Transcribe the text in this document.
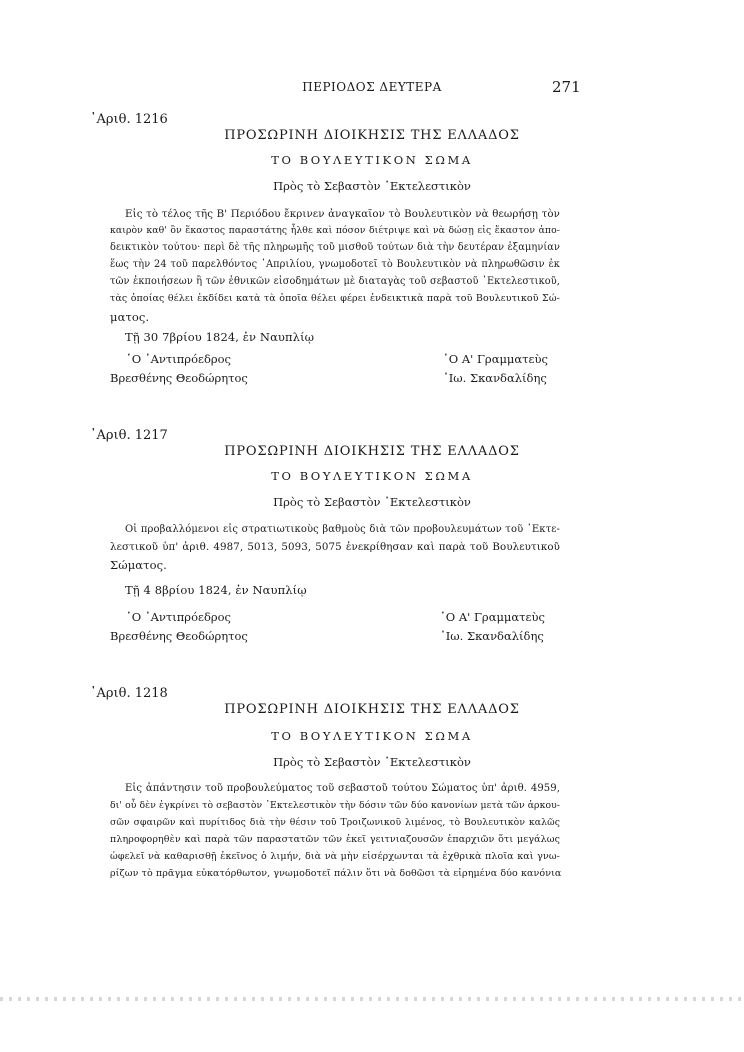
ΠΕΡΙΟΔΟΣ ΔΕΥΤΕΡΑ	271
᾿Αριθ. 1216
ΠΡΟΣΩΡΙΝΗ ΔΙΟΙΚΗΣΙΣ ΤΗΣ ΕΛΛΑΔΟΣ
ΤΟ ΒΟΥΛΕΥΤΙΚΟΝ ΣΩΜΑ
Πρὸς τὸ Σεβαστὸν ᾿Εκτελεστικὸν
Εἰς τὸ τέλος τῆς Β' Περιόδου ἔκρινεν ἀναγκαῖον τὸ Βουλευτικὸν νὰ θεωρήσῃ τὸν
καιρὸν καθ' ὃν ἕκαστος παραστάτης ἦλθε καὶ πόσον διέτριψε καὶ νὰ δώσῃ εἰς ἕκαστον ἀπο-
δεικτικὸν τούτου· περὶ δὲ τῆς πληρωμῆς τοῦ μισθοῦ τούτων διὰ τὴν δευτέραν ἑξαμηνίαν
ἕως τὴν 24 τοῦ παρελθόντος ᾿Απριλίου, γνωμοδοτεῖ τὸ Βουλευτικὸν νὰ πληρωθῶσιν ἐκ
τῶν ἐκποιήσεων ἢ τῶν ἐθνικῶν εἰσοδημάτων μὲ διαταγὰς τοῦ σεβαστοῦ ᾿Εκτελεστικοῦ,
τὰς ὁποίας θέλει ἐκδίδει κατὰ τὰ ὁποῖα θέλει φέρει ἐνδεικτικὰ παρὰ τοῦ Βουλευτικοῦ Σώ-
ματος.
Τῇ 30 7βρίου 1824, ἐν Ναυπλίῳ
῾Ο ᾿Αντιπρόεδρος
Βρεσθένης Θεοδώρητος
῾Ο Α' Γραμματεὺς
᾿Ιω. Σκανδαλίδης
᾿Αριθ. 1217
ΠΡΟΣΩΡΙΝΗ ΔΙΟΙΚΗΣΙΣ ΤΗΣ ΕΛΛΑΔΟΣ
ΤΟ ΒΟΥΛΕΥΤΙΚΟΝ ΣΩΜΑ
Πρὸς τὸ Σεβαστὸν ᾿Εκτελεστικὸν
Οἱ προβαλλόμενοι εἰς στρατιωτικοὺς βαθμοὺς διὰ τῶν προβουλευμάτων τοῦ ᾿Εκτε-
λεστικοῦ ὑπ' ἀριθ. 4987, 5013, 5093, 5075 ἐνεκρίθησαν καὶ παρὰ τοῦ Βουλευτικοῦ
Σώματος.
Τῇ 4 8βρίου 1824, ἐν Ναυπλίῳ
῾Ο ᾿Αντιπρόεδρος
Βρεσθένης Θεοδώρητος
῾Ο Α' Γραμματεὺς
᾿Ιω. Σκανδαλίδης
᾿Αριθ. 1218
ΠΡΟΣΩΡΙΝΗ ΔΙΟΙΚΗΣΙΣ ΤΗΣ ΕΛΛΑΔΟΣ
ΤΟ ΒΟΥΛΕΥΤΙΚΟΝ ΣΩΜΑ
Πρὸς τὸ Σεβαστὸν ᾿Εκτελεστικὸν
Εἰς ἀπάντησιν τοῦ προβουλεύματος τοῦ σεβαστοῦ τούτου Σώματος ὑπ' ἀριθ. 4959,
δι' οὗ δὲν ἐγκρίνει τὸ σεβαστὸν ᾿Εκτελεστικὸν τὴν δόσιν τῶν δύο κανονίων μετὰ τῶν ἁρκου-
σῶν σφαιρῶν καὶ πυρίτιδος διὰ τὴν θέσιν τοῦ Τροιζωνικοῦ λιμένος, τὸ Βουλευτικὸν καλῶς
πληροφορηθὲν καὶ παρὰ τῶν παραστατῶν τῶν ἐκεῖ γειτνιαζουσῶν ἐπαρχιῶν ὅτι μεγάλως
ὠφελεῖ νὰ καθαρισθῇ ἐκεῖνος ὁ λιμήν, διὰ νὰ μὴν εἰσέρχωνται τὰ ἐχθρικὰ πλοῖα καὶ γνω-
ρίζων τὸ πρᾶγμα εὐκατόρθωτον, γνωμοδοτεῖ πάλιν ὅτι νὰ δοθῶσι τὰ εἰρημένα δύο κανόνια
